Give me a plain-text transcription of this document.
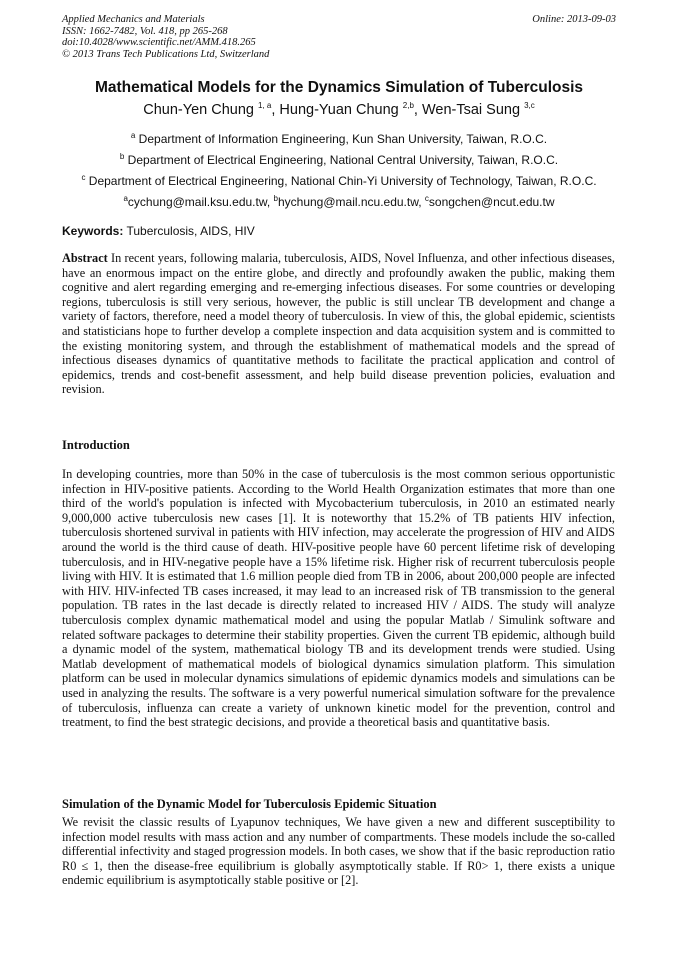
Applied Mechanics and Materials
ISSN: 1662-7482, Vol. 418, pp 265-268
doi:10.4028/www.scientific.net/AMM.418.265
© 2013 Trans Tech Publications Ltd, Switzerland
Online: 2013-09-03
Mathematical Models for the Dynamics Simulation of Tuberculosis
Chun-Yen Chung $^{1, a}$, Hung-Yuan Chung $^{2,b}$, Wen-Tsai Sung $^{3,c}$
$^a$ Department of Information Engineering, Kun Shan University, Taiwan, R.O.C.
$^b$ Department of Electrical Engineering, National Central University, Taiwan, R.O.C.
$^c$ Department of Electrical Engineering, National Chin-Yi University of Technology, Taiwan, R.O.C.
$^a$cychung@mail.ksu.edu.tw, $^b$hychung@mail.ncu.edu.tw, $^c$songchen@ncut.edu.tw
Keywords: Tuberculosis, AIDS, HIV

Abstract In recent years, following malaria, tuberculosis, AIDS, Novel Influenza, and other infectious diseases, have an enormous impact on the entire globe, and directly and profoundly awaken the public, making them cognitive and alert regarding emerging and re-emerging infectious diseases. For some countries or developing regions, tuberculosis is still very serious, however, the public is still unclear TB development and change a variety of factors, therefore, need a model theory of tuberculosis. In view of this, the global epidemic, scientists and statisticians hope to further develop a complete inspection and data acquisition system and is committed to the existing monitoring system, and through the establishment of mathematical models and the spread of infectious diseases dynamics of quantitative methods to facilitate the practical application and control of epidemics, trends and cost-benefit assessment, and help build disease prevention policies, evaluation and revision.

Introduction

In developing countries, more than 50% in the case of tuberculosis is the most common serious opportunistic infection in HIV-positive patients. According to the World Health Organization estimates that more than one third of the world's population is infected with Mycobacterium tuberculosis, in 2010 an estimated nearly 9,000,000 active tuberculosis new cases [1]. It is noteworthy that 15.2% of TB patients HIV infection, tuberculosis shortened survival in patients with HIV infection, may accelerate the progression of HIV and AIDS around the world is the third cause of death. HIV-positive people have 60 percent lifetime risk of developing tuberculosis, and in HIV-negative people have a 15% lifetime risk. Higher risk of recurrent tuberculosis people living with HIV. It is estimated that 1.6 million people died from TB in 2006, about 200,000 people are infected with HIV. HIV-infected TB cases increased, it may lead to an increased risk of TB transmission to the general population. TB rates in the last decade is directly related to increased HIV / AIDS. The study will analyze tuberculosis complex dynamic mathematical model and using the popular Matlab / Simulink software and related software packages to determine their stability properties. Given the current TB epidemic, although build a dynamic model of the system, mathematical biology TB and its development trends were studied. Using Matlab development of mathematical models of biological dynamics simulation platform. This simulation platform can be used in molecular dynamics simulations of epidemic dynamics models and simulations can be used in analyzing the results. The software is a very powerful numerical simulation software for the prevalence of tuberculosis, influenza can create a variety of unknown kinetic model for the prevention, control and treatment, to find the best strategic decisions, and provide a theoretical basis and quantitative basis.

Simulation of the Dynamic Model for Tuberculosis Epidemic Situation

We revisit the classic results of Lyapunov techniques, We have given a new and different susceptibility to infection model results with mass action and any number of compartments. These models include the so-called differential infectivity and staged progression models. In both cases, we show that if the basic reproduction ratio R0 ≤ 1, then the disease-free equilibrium is globally asymptotically stable. If R0> 1, there exists a unique endemic equilibrium is asymptotically stable positive or [2].
